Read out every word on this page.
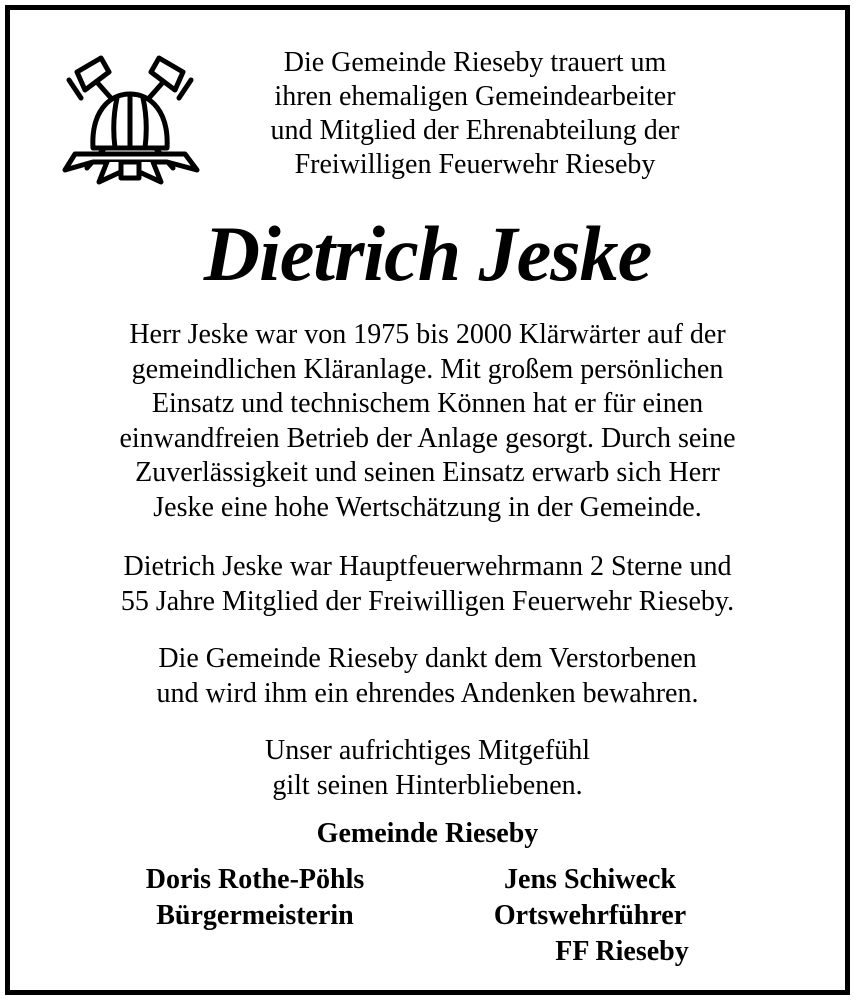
Die Gemeinde Rieseby trauert um
ihren ehemaligen Gemeindearbeiter
und Mitglied der Ehrenabteilung der
Freiwilligen Feuerwehr Rieseby
Dietrich Jeske
Herr Jeske war von 1975 bis 2000 Klärwärter auf der
gemeindlichen Kläranlage. Mit großem persönlichen
Einsatz und technischem Können hat er für einen
einwandfreien Betrieb der Anlage gesorgt. Durch seine
Zuverlässigkeit und seinen Einsatz erwarb sich Herr
Jeske eine hohe Wertschätzung in der Gemeinde.
Dietrich Jeske war Hauptfeuerwehrmann 2 Sterne und
55 Jahre Mitglied der Freiwilligen Feuerwehr Rieseby.
Die Gemeinde Rieseby dankt dem Verstorbenen
und wird ihm ein ehrendes Andenken bewahren.
Unser aufrichtiges Mitgefühl
gilt seinen Hinterbliebenen.
Gemeinde Rieseby
Doris Rothe-Pöhls
Bürgermeisterin
Jens Schiweck
Ortswehrführer
FF Rieseby
